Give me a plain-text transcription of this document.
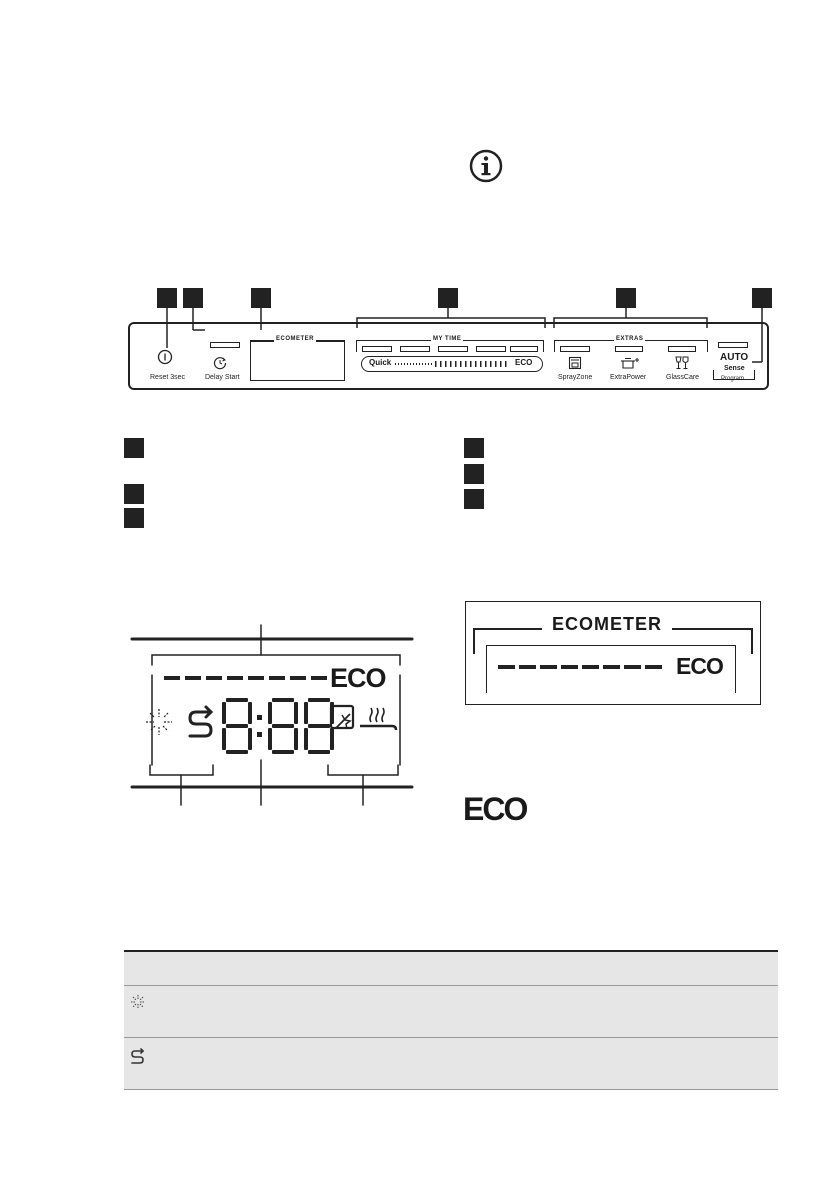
Reset 3sec	Delay Start
ECOMETER	MY TIME
Quick	ECO
EXTRAS
SprayZone	ExtraPower	GlassCare
AUTO
Sense
Program
ECO
ECOMETER
ECO
ECO
